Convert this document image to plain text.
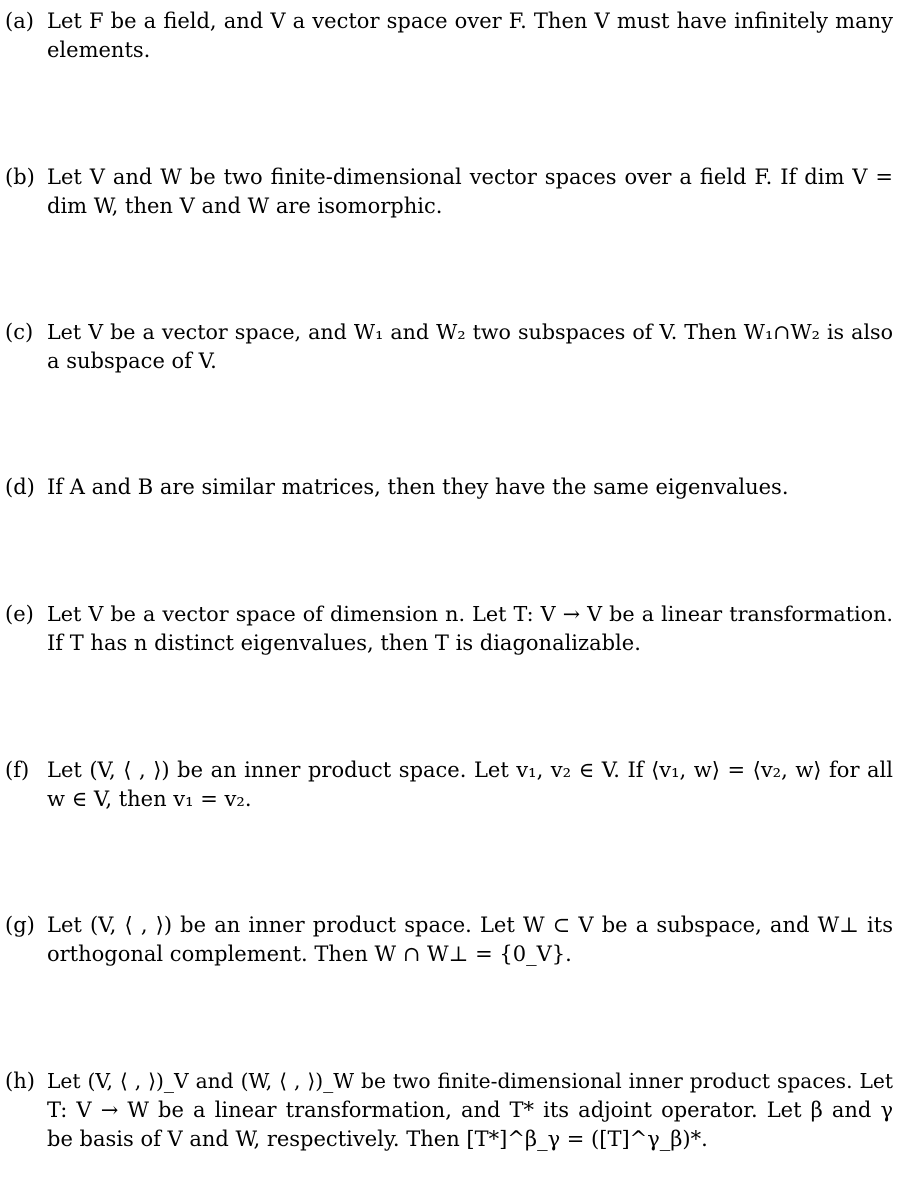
(a) Let F be a field, and V a vector space over F. Then V must have infinitely many
elements.
(b) Let V and W be two finite-dimensional vector spaces over a field F. If dim V =
dim W, then V and W are isomorphic.
(c) Let V be a vector space, and W₁ and W₂ two subspaces of V. Then W₁∩W₂ is also
a subspace of V.
(d) If A and B are similar matrices, then they have the same eigenvalues.
(e) Let V be a vector space of dimension n. Let T: V → V be a linear transformation.
If T has n distinct eigenvalues, then T is diagonalizable.
(f) Let (V, ⟨ , ⟩) be an inner product space. Let v₁, v₂ ∈ V. If ⟨v₁, w⟩ = ⟨v₂, w⟩ for all
w ∈ V, then v₁ = v₂.
(g) Let (V, ⟨ , ⟩) be an inner product space. Let W ⊂ V be a subspace, and W⊥ its
orthogonal complement. Then W ∩ W⊥ = {0_V}.
(h) Let (V, ⟨ , ⟩)_V and (W, ⟨ , ⟩)_W be two finite-dimensional inner product spaces. Let
T: V → W be a linear transformation, and T* its adjoint operator. Let β and γ
be basis of V and W, respectively. Then [T*]^β_γ = ([T]^γ_β)*.
